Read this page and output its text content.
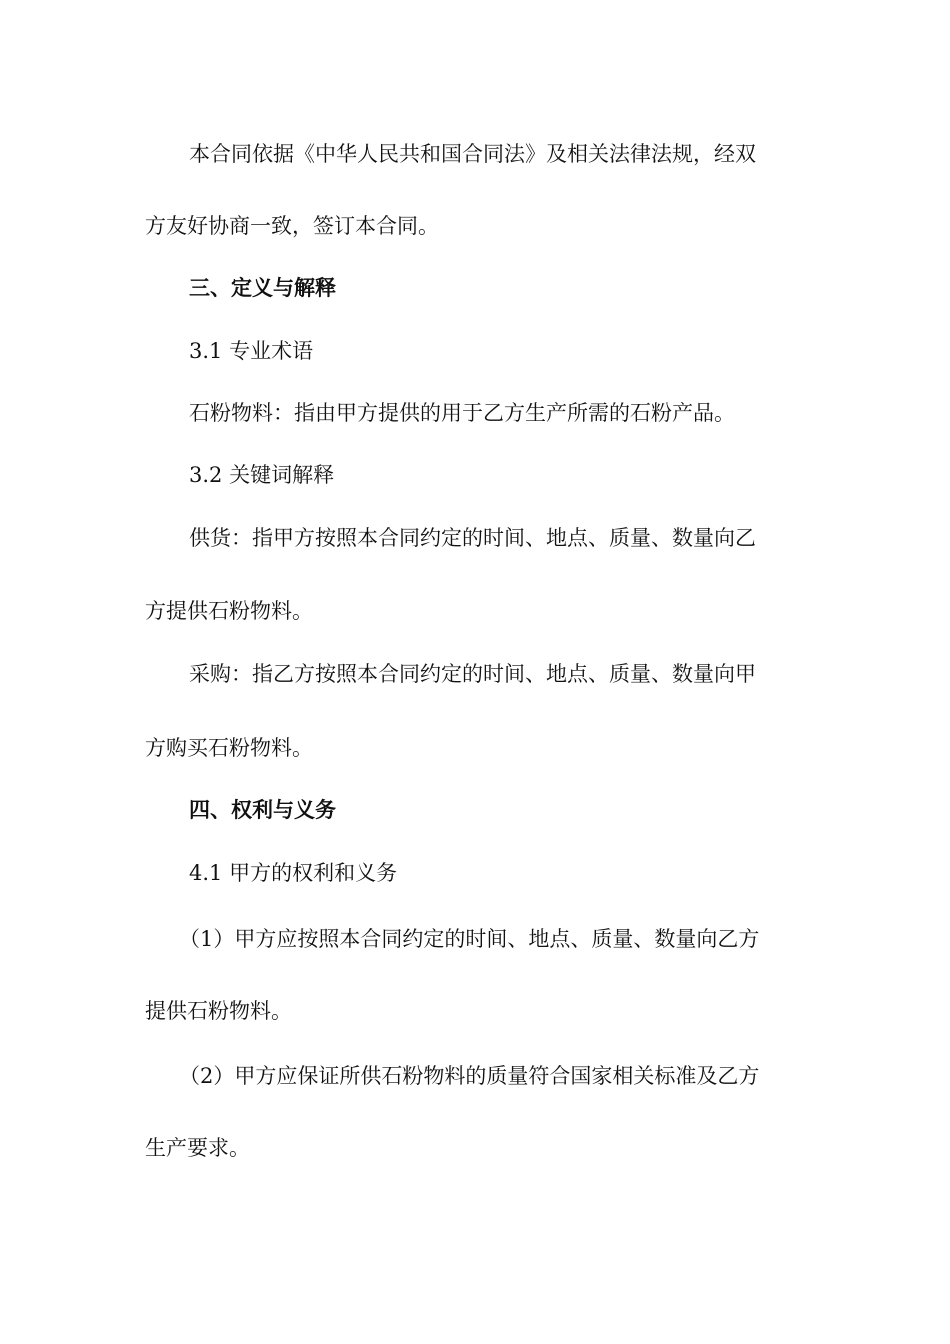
本合同依据《中华人民共和国合同法》及相关法律法规，经双
方友好协商一致，签订本合同。
三、定义与解释
3.1 专业术语
石粉物料：指由甲方提供的用于乙方生产所需的石粉产品。
3.2 关键词解释
供货：指甲方按照本合同约定的时间、地点、质量、数量向乙
方提供石粉物料。
采购：指乙方按照本合同约定的时间、地点、质量、数量向甲
方购买石粉物料。
四、权利与义务
4.1 甲方的权利和义务
（1）甲方应按照本合同约定的时间、地点、质量、数量向乙方
提供石粉物料。
（2）甲方应保证所供石粉物料的质量符合国家相关标准及乙方
生产要求。
